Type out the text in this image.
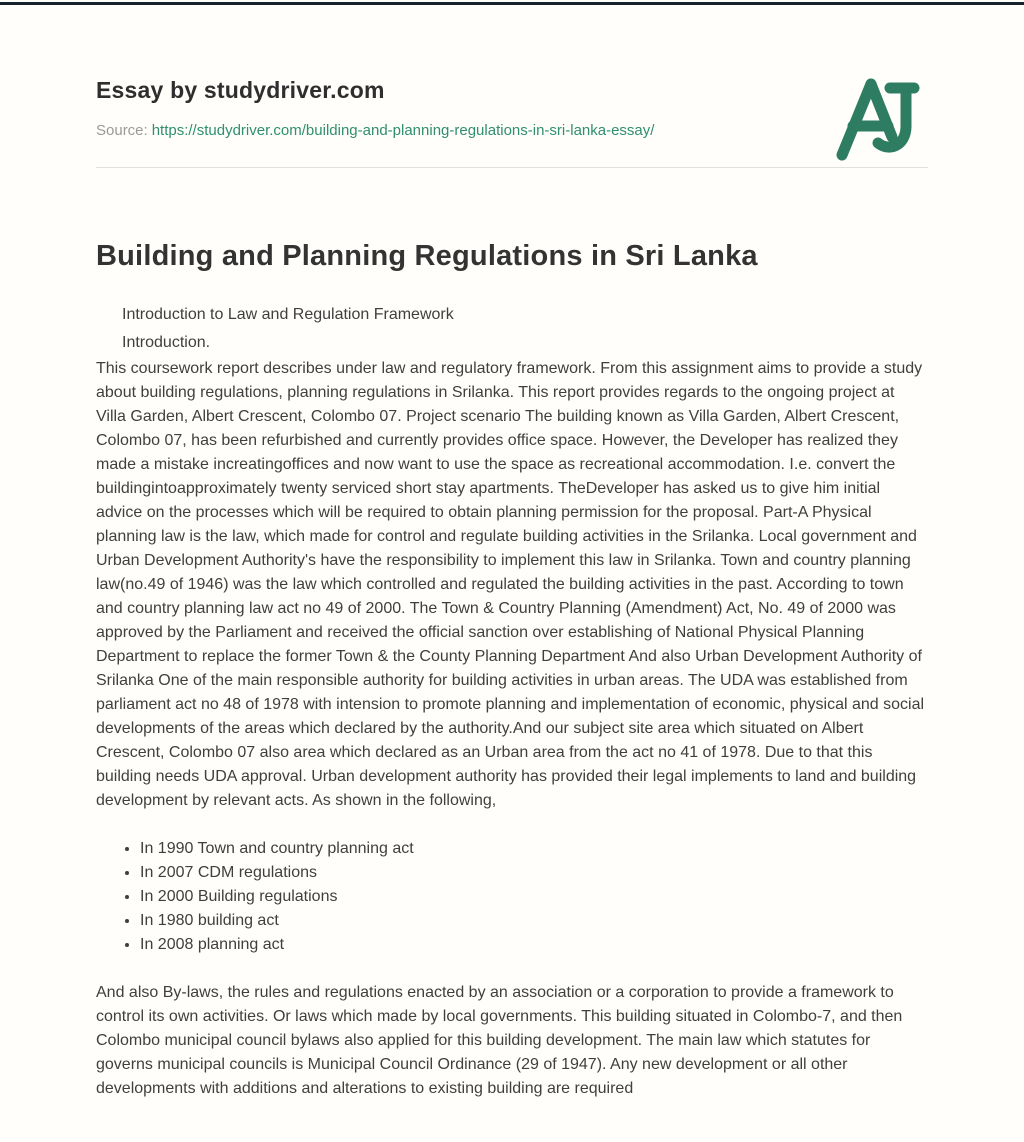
Essay by studydriver.com

Source: https://studydriver.com/building-and-planning-regulations-in-sri-lanka-essay/

Building and Planning Regulations in Sri Lanka

Introduction to Law and Regulation Framework

Introduction.

This coursework report describes under law and regulatory framework. From this assignment aims to provide a study about building regulations, planning regulations in Srilanka. This report provides regards to the ongoing project at Villa Garden, Albert Crescent, Colombo 07. Project scenario The building known as Villa Garden, Albert Crescent, Colombo 07, has been refurbished and currently provides office space. However, the Developer has realized they made a mistake increatingoffices and now want to use the space as recreational accommodation. I.e. convert the buildingintoapproximately twenty serviced short stay apartments. TheDeveloper has asked us to give him initial advice on the processes which will be required to obtain planning permission for the proposal. Part-A Physical planning law is the law, which made for control and regulate building activities in the Srilanka. Local government and Urban Development Authority's have the responsibility to implement this law in Srilanka. Town and country planning law(no.49 of 1946) was the law which controlled and regulated the building activities in the past. According to town and country planning law act no 49 of 2000. The Town & Country Planning (Amendment) Act, No. 49 of 2000 was approved by the Parliament and received the official sanction over establishing of National Physical Planning Department to replace the former Town & the County Planning Department And also Urban Development Authority of Srilanka One of the main responsible authority for building activities in urban areas. The UDA was established from parliament act no 48 of 1978 with intension to promote planning and implementation of economic, physical and social developments of the areas which declared by the authority.And our subject site area which situated on Albert Crescent, Colombo 07 also area which declared as an Urban area from the act no 41 of 1978. Due to that this building needs UDA approval. Urban development authority has provided their legal implements to land and building development by relevant acts. As shown in the following,

• In 1990 Town and country planning act
• In 2007 CDM regulations
• In 2000 Building regulations
• In 1980 building act
• In 2008 planning act

And also By-laws, the rules and regulations enacted by an association or a corporation to provide a framework to control its own activities. Or laws which made by local governments. This building situated in Colombo-7, and then Colombo municipal council bylaws also applied for this building development. The main law which statutes for governs municipal councils is Municipal Council Ordinance (29 of 1947). Any new development or all other developments with additions and alterations to existing building are required
